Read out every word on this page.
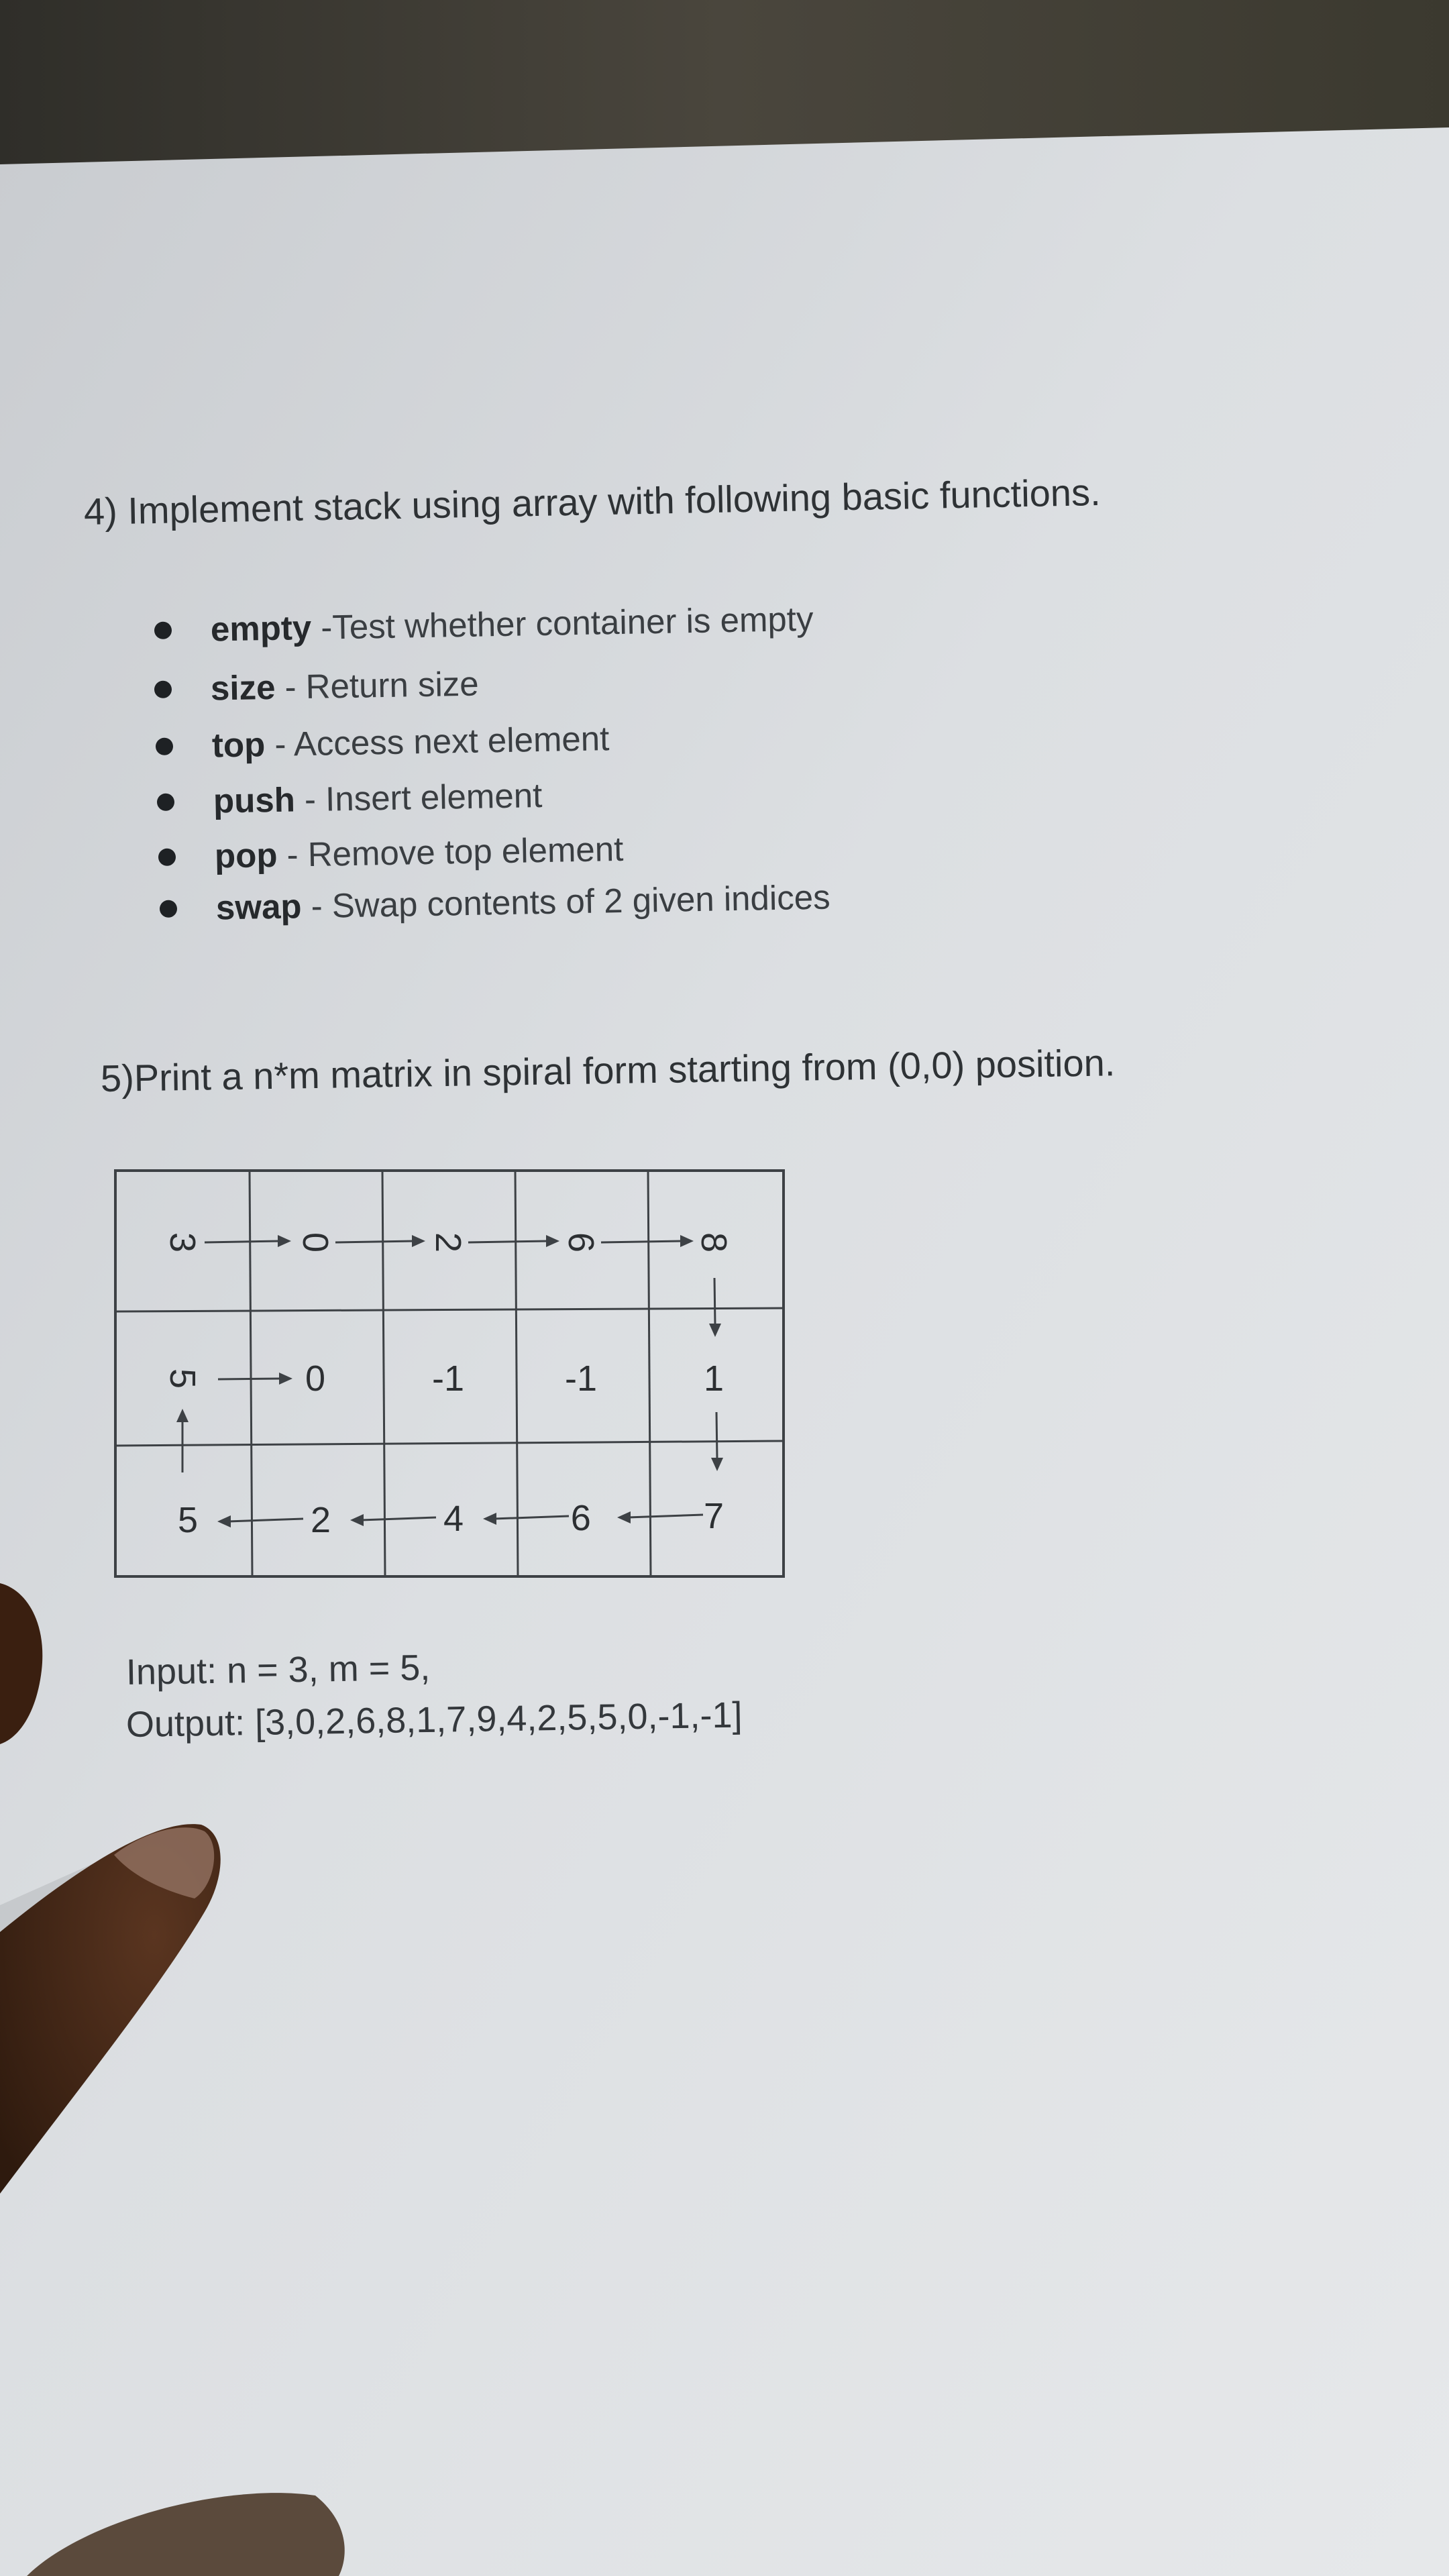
4) Implement stack using array with following basic functions.
empty -Test whether container is empty
size - Return size
top - Access next element
push - Insert element
pop - Remove top element
swap - Swap contents of 2 given indices
5)Print a n*m matrix in spiral form starting from (0,0) position.
3	0	2	6	8
5	0	-1	-1	1
5	2	4	9	7
Input: n = 3, m = 5,
Output: [3,0,2,6,8,1,7,9,4,2,5,5,0,-1,-1]
